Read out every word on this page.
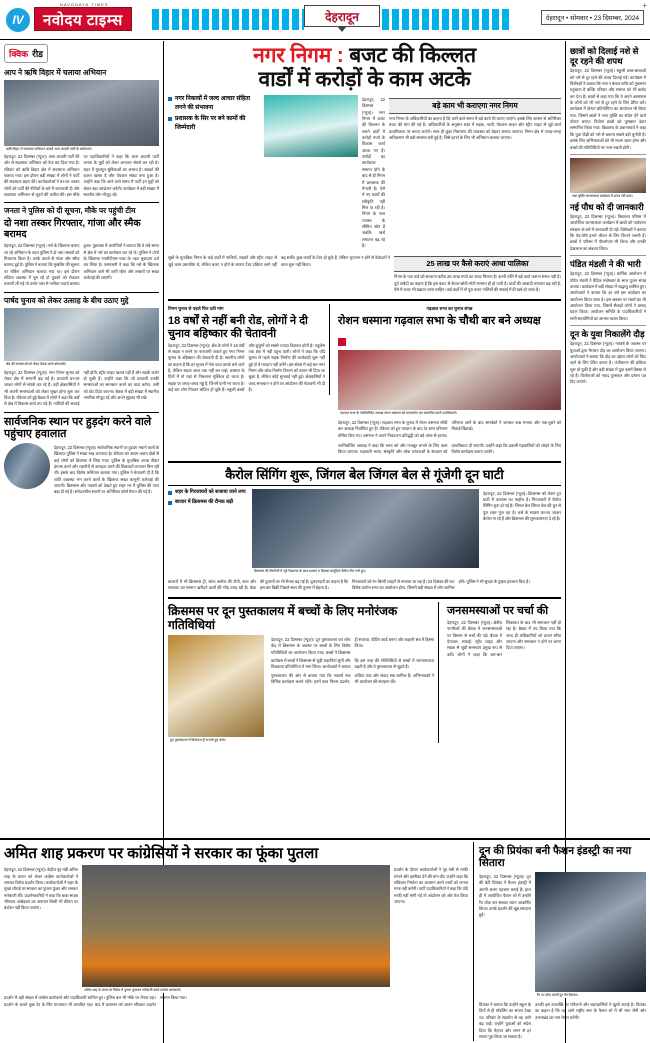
IV
NAVODAYA TIMES
नवोदय टाइम्स	देहरादून	देहरादून • सोमवार • 23 दिसम्बर, 2024
+
क्विक रीड
आप ने ऋषि विहार में चलाया अभियान
ऋषि विहार में सदस्यता अभियान चलाते आम आदमी पार्टी के कार्यकर्ता।
देहरादून, 22 दिसम्बर (न्यूज)। आम आदमी पार्टी की ओर से सदस्यता अभियान को तेज कर दिया गया है। रविवार को ऋषि विहार क्षेत्र में सदस्यता अभियान चलाया गया। इस दौरान बड़ी संख्या में लोगों ने पार्टी की सदस्यता ग्रहण की। कार्यकर्ताओं ने घर-घर जाकर लोगों को पार्टी की नीतियों के बारे में जानकारी दी और सदस्यता अभियान से जुड़ने की अपील की। इस मौके पर पदाधिकारियों ने कहा कि आम आदमी पार्टी जनता के मुद्दों को लेकर लगातार संघर्ष कर रही है। शहर में मूलभूत सुविधाओं का अभाव है। सड़कों की हालत खस्ता है और पेयजल संकट बना हुआ है। उन्होंने कहा कि आने वाले समय में पार्टी इन मुद्दों को लेकर बड़ा आंदोलन करेगी। कार्यक्रम में बड़ी संख्या में स्थानीय लोग मौजूद रहे।
जनता ने पुलिस को दी सूचना, मौके पर पहुंची टीम
दो नशा तस्कर गिरफ्तार, गांजा और स्मैक बरामद
देहरादून, 22 दिसम्बर (न्यूज)। नशे के खिलाफ चलाए जा रहे अभियान के तहत पुलिस ने दो नशा तस्करों को गिरफ्तार किया है। उनके कब्जे से गांजा और स्मैक बरामद हुई है। पुलिस ने बताया कि मुखबिर की सूचना पर चेकिंग अभियान चलाया गया था। इस दौरान संदिग्ध अवस्था में घूम रहे दो युवकों को रोककर तलाशी ली गई तो उनके पास से नशीला पदार्थ बरामद हुआ। पूछताछ में आरोपियों ने बताया कि वे लंबे समय से क्षेत्र में नशे का कारोबार कर रहे थे। पुलिस ने दोनों के खिलाफ एनडीपीएस एक्ट के तहत मुकदमा दर्ज कर लिया है। एसएसपी ने कहा कि नशे के खिलाफ अभियान आगे भी जारी रहेगा और तस्करों पर सख्त कार्रवाई की जाएगी।
पार्षद चुनाव को लेकर उत्साह के बीच उठाए मुद्दे
क्षेत्र की समस्याओं को लेकर बैठक करते क्षेत्रवासी।
देहरादून, 22 दिसम्बर (न्यूज)। नगर निगम चुनाव को लेकर क्षेत्र में सरगर्मी बढ़ गई है। प्रत्याशी घर-घर जाकर लोगों से संपर्क कर रहे हैं। वहीं क्षेत्रवासियों ने भी अपनी समस्याओं को लेकर मुखर होना शुरू कर दिया है। रविवार को हुई बैठक में लोगों ने कहा कि वर्षों से क्षेत्र में विकास कार्य ठप पड़े हैं। नालियों की सफाई नहीं होती, स्ट्रीट लाइट खराब पड़ी हैं और सड़कें जर्जर हो चुकी हैं। उन्होंने कहा कि जो प्रत्याशी उनकी समस्याओं का समाधान करने का वादा करेगा, उसी को वोट दिया जाएगा। बैठक में बड़ी संख्या में स्थानीय नागरिक मौजूद रहे और अपने सुझाव भी रखे।
सार्वजनिक स्थान पर हुड़दंग करने वाले पहुंचाए हवालात
देहरादून, 22 दिसम्बर (न्यूज)। सार्वजनिक स्थानों पर हुड़दंग मचाने वालों के खिलाफ पुलिस ने सख्त रुख अपनाया है। रविवार को अलग-अलग क्षेत्रों से कई लोगों को हिरासत में लिया गया। पुलिस के मुताबिक शराब पीकर हंगामा करने और राहगीरों से अभद्रता करने की शिकायतें लगातार मिल रही थीं। इसके बाद विशेष अभियान चलाया गया। पुलिस ने चेतावनी दी है कि शांति व्यवस्था भंग करने वालों के खिलाफ सख्त कानूनी कार्रवाई की जाएगी। क्रिसमस और नववर्ष को देखते हुए शहर भर में पुलिस की गश्त बढ़ा दी गई है। संवेदनशील स्थानों पर अतिरिक्त फोर्स तैनात की गई है।
नगर निगम : बजट की किल्लत
वार्डों में करोड़ों के काम अटके
नगर निकायों में जल्द आचार संहिता लगने की संभावना
प्रशासक के सिर पर बने कामों की जिम्मेदारी
देहरादून, 22 दिसम्बर (न्यूज)। नगर निगम में बजट की किल्लत के चलते वार्डों में करोड़ों रुपये के विकास कार्य अटक गए हैं। पार्षदों का कार्यकाल समाप्त होने के बाद से ही निगम में प्रशासक की तैनाती है। ऐसे में नए कार्यों की स्वीकृति नहीं मिल पा रही है। निगम के पास राजस्व के सीमित स्रोत हैं जबकि खर्चे लगातार बढ़ रहे हैं।
बड़े काम भी कराएगा नगर निगम
नगर निगम के अधिकारियों का कहना है कि आने वाले समय में बड़े कार्य भी कराए जाएंगे। इसके लिए शासन से अतिरिक्त बजट की मांग की गई है। अधिकारियों के अनुसार शहर में सड़क, नाली, पेयजल लाइन और स्ट्रीट लाइट से जुड़े कार्य प्राथमिकता पर कराए जाएंगे। साथ ही कूड़ा निस्तारण की व्यवस्था को बेहतर बनाया जाएगा। निगम क्षेत्र में जगह-जगह अतिक्रमण भी बड़ी समस्या बनी हुई है, जिसे हटाने के लिए भी अभियान चलाया जाएगा।
सूत्रों के मुताबिक निगम के कई वार्डों में नालियों, सड़कों और स्ट्रीट लाइट से जुड़े काम प्रस्तावित थे, लेकिन बजट न होने के कारण टेंडर प्रक्रिया आगे नहीं बढ़ सकी। कुछ कार्यों के टेंडर हो चुके हैं, लेकिन भुगतान न होने से ठेकेदारों ने काम शुरू नहीं किया।	25 लाख पर कैसे कराएं आधा पालिका
निगम के एक वार्ड को सालाना करीब 25 लाख रुपये का बजट मिलता है। इतनी राशि में बड़े कार्य कराना संभव नहीं है। पूर्व पार्षदों का कहना है कि इस बजट से केवल छोटी-मोटी मरम्मत ही हो पाती है। वार्डों की आबादी लगातार बढ़ रही है, ऐसे में बजट भी बढ़ाया जाना चाहिए। कई वार्डों में तो पूरा बजट नालियों की सफाई में ही खर्च हो जाता है।
निगम चुनाव से पहले फिर उठी मांग
18 वर्षों से नहीं बनी रोड, लोगों ने दी चुनाव बहिष्कार की चेतावनी
देहरादून, 22 दिसम्बर (न्यूज)। क्षेत्र के लोगों ने 18 वर्षों से सड़क न बनने पर नाराजगी जताते हुए नगर निगम चुनाव के बहिष्कार की चेतावनी दी है। स्थानीय लोगों का कहना है कि हर चुनाव में नेता वादा करके चले जाते हैं, लेकिन सड़क आज तक नहीं बन पाई। बरसात के दिनों में तो यहां से निकलना मुश्किल हो जाता है। सड़क पर जगह-जगह गड्ढे हैं, जिनमें पानी भर जाता है। कई बार लोग गिरकर चोटिल हो चुके हैं। स्कूली बच्चों और बुजुर्गों को सबसे ज्यादा दिक्कत होती है। एंबुलेंस तक क्षेत्र में नहीं पहुंच पाती। लोगों ने कहा कि यदि चुनाव से पहले सड़क निर्माण की कार्यवाही शुरू नहीं हुई तो वे मतदान नहीं करेंगे। इस संबंध में कई बार नगर निगम और लोक निर्माण विभाग को ज्ञापन भी दिया जा चुका है, लेकिन कोई सुनवाई नहीं हुई। क्षेत्रवासियों ने जल्द समाधान न होने पर आंदोलन की चेतावनी भी दी है।
गढ़वाल सभा का चुनाव संपन्न
रोशन धस्माना गढ़वाल सभा के चौथी बार बने अध्यक्ष

गढ़वाल सभा के नवनिर्वाचित अध्यक्ष रोशन धस्माना को माल्यार्पण कर सम्मानित करते पदाधिकारी।
देहरादून, 22 दिसम्बर (न्यूज)। गढ़वाल सभा के चुनाव में रोशन धस्माना चौथी बार अध्यक्ष निर्वाचित हुए हैं। रविवार को हुए मतदान के बाद देर शाम परिणाम घोषित किए गए। धस्माना ने अपने निकटतम प्रतिद्वंद्वी को बड़े अंतर से हराया। परिणाम आने के बाद समर्थकों ने जमकर जश्न मनाया और एक-दूसरे को मिठाई खिलाई।
नवनिर्वाचित अध्यक्ष ने कहा कि सभा को और मजबूत बनाने के लिए काम किया जाएगा। गढ़वाली भाषा, संस्कृति और लोक परंपराओं के संरक्षण को प्राथमिकता दी जाएगी। उन्होंने कहा कि प्रवासी गढ़वालियों को जोड़ने के लिए विशेष कार्यक्रम चलाए जाएंगे।
कैरोल सिंगिंग शुरू, जिंगल बेल जिंगल बेल से गूंजेगी दून घाटी
शहर के गिरजाघरों को सजाया जाने लगा
बाजार में क्रिसमस की रौनक बढ़ी
क्रिसमस की तैयारियों में जुटे विद्यालय के छात्र-छात्राएं व शिक्षक सामूहिक कैरोल गीत गाते हुए।
देहरादून, 22 दिसम्बर (न्यूज)। क्रिसमस को लेकर दून घाटी में उल्लास का माहौल है। गिरजाघरों में कैरोल सिंगिंग शुरू हो गई है। जिंगल बेल जिंगल बेल की धुन से पूरा शहर गूंज रहा है। चर्च के सदस्य घर-घर जाकर कैरोल गा रहे हैं और क्रिसमस की शुभकामनाएं दे रहे हैं।
बाजारों में भी क्रिसमस ट्री, सांता क्लॉज की टोपी, स्टार और सजावट का सामान खरीदने वालों की भीड़ उमड़ रही है। केक की दुकानों पर भी रौनक बढ़ गई है। दुकानदारों का कहना है कि इस बार बिक्री पिछले साल की तुलना में बेहतर है।
गिरजाघरों को रंग-बिरंगी लाइटों से सजाया जा रहा है। 24 दिसंबर की रात विशेष प्रार्थना सभा का आयोजन होगा, जिसमें बड़ी संख्या में लोग शामिल होंगे। पुलिस ने भी सुरक्षा के पुख्ता इंतजाम किए हैं।
क्रिसमस पर दून पुस्तकालय में बच्चों के लिए मनोरंजक गतिविधियां
दून पुस्तकालय में क्रिसमस ट्री सजाते हुए बच्चे।
देहरादून, 22 दिसम्बर (न्यूज)। दून पुस्तकालय एवं शोध केंद्र में क्रिसमस के अवसर पर बच्चों के लिए विशेष गतिविधियों का आयोजन किया गया। बच्चों ने क्रिसमस ट्री सजाया, ग्रीटिंग कार्ड बनाए और कहानी सत्र में हिस्सा लिया।
कार्यक्रम में बच्चों ने क्रिसमस से जुड़ी कहानियां सुनीं और चित्रकला प्रतियोगिता में भाग लिया। आयोजकों ने बताया कि इस तरह की गतिविधियों से बच्चों में रचनात्मकता बढ़ती है और वे पुस्तकालय से जुड़ते हैं।
पुस्तकालय की ओर से बताया गया कि नववर्ष तक विभिन्न कार्यक्रम चलते रहेंगे। इनमें बाल फिल्म प्रदर्शन, कविता पाठ और संवाद सत्र शामिल हैं। अभिभावकों ने भी आयोजन की सराहना की।
जनसमस्याओं पर चर्चा की
देहरादून, 22 दिसम्बर (न्यूज)। क्षेत्रीय नागरिकों की बैठक में जनसमस्याओं पर विस्तार से चर्चा की गई। बैठक में पेयजल, सफाई, स्ट्रीट लाइट और सड़क से जुड़ी समस्याएं प्रमुख रूप से उठीं। लोगों ने कहा कि बार-बार शिकायत के बाद भी समाधान नहीं हो रहा है। बैठक में तय किया गया कि जल्द ही अधिकारियों को ज्ञापन सौंपा जाएगा और समाधान न होने पर धरना दिया जाएगा।
छात्रों को दिलाई नशे से दूर रहने की शपथ
देहरादून, 22 दिसम्बर (न्यूज)। स्कूली छात्र-छात्राओं को नशे से दूर रहने की शपथ दिलाई गई। कार्यक्रम में विशेषज्ञों ने बताया कि नशा न केवल शरीर को नुकसान पहुंचाता है बल्कि परिवार और समाज को भी बर्बाद कर देता है। छात्रों से कहा गया कि वे अपने आसपास के लोगों को भी नशे से दूर रहने के लिए प्रेरित करें। कार्यक्रम में पोस्टर प्रतियोगिता का आयोजन भी किया गया, जिसमें छात्रों ने नशा मुक्ति का संदेश देने वाले पोस्टर बनाए। विजेता छात्रों को पुरस्कार देकर सम्मानित किया गया। विद्यालय के प्रधानाचार्य ने कहा कि युवा पीढ़ी को नशे से बचाना सबसे बड़ी चुनौती है। इसके लिए अभिभावकों को भी सजग रहना होगा और बच्चों की गतिविधियों पर नजर रखनी होगी।
नशा मुक्ति जागरूकता कार्यक्रम में शपथ लेते छात्र।
नई पौध को दी जानकारी
देहरादून, 22 दिसम्बर (न्यूज)। विद्यालय परिसर में आयोजित जागरूकता कार्यक्रम में छात्रों को पर्यावरण संरक्षण के बारे में जानकारी दी गई। विशेषज्ञों ने बताया कि पेड़-पौधे हमारे जीवन के लिए कितने जरूरी हैं। छात्रों ने परिसर में पौधरोपण भी किया और उनकी देखभाल का संकल्प लिया।
पंडित मंडली ने की भारी
देहरादून, 22 दिसम्बर (न्यूज)। धार्मिक आयोजन में पंडित मंडली ने वैदिक मंत्रोच्चार के साथ पूजन संपन्न कराया। कार्यक्रम में बड़ी संख्या में श्रद्धालु शामिल हुए। आयोजकों ने बताया कि हर वर्ष इस कार्यक्रम का आयोजन किया जाता है। इस अवसर पर भंडारे का भी आयोजन किया गया, जिसमें सैकड़ों लोगों ने प्रसाद ग्रहण किया। आयोजन समिति के पदाधिकारियों ने सभी सहयोगियों का आभार व्यक्त किया।
दून के युवा निकालेंगे दौड़
देहरादून, 22 दिसम्बर (न्यूज)। नववर्ष के अवसर पर युवाओं द्वारा मैराथन दौड़ का आयोजन किया जाएगा। आयोजकों ने बताया कि दौड़ का उद्देश्य लोगों को फिट रहने के लिए प्रेरित करना है। पंजीकरण की प्रक्रिया शुरू हो चुकी है और बड़ी संख्या में युवा इसमें हिस्सा ले रहे हैं। विजेताओं को नकद पुरस्कार और प्रमाण पत्र दिए जाएंगे।
अमित शाह प्रकरण पर कांग्रेसियों ने सरकार का फूंका पुतला
देहरादून, 22 दिसम्बर (न्यूज)। केंद्रीय गृह मंत्री अमित शाह के बयान को लेकर कांग्रेस कार्यकर्ताओं ने जमकर विरोध प्रदर्शन किया। कार्यकर्ताओं ने शहर के मुख्य चौराहे पर सरकार का पुतला फूंका और जमकर नारेबाजी की। प्रदर्शनकारियों ने कहा कि बाबा साहब भीमराव आंबेडकर का अपमान किसी भी कीमत पर बर्दाश्त नहीं किया जाएगा।
अमित शाह के बयान के विरोध में पुतला फूंककर नारेबाजी करते कांग्रेस कार्यकर्ता।
प्रदर्शन के दौरान कार्यकर्ताओं ने गृह मंत्री से माफी मांगने और इस्तीफा देने की मांग की। उन्होंने कहा कि संविधान निर्माता का अपमान करने वालों को जनता माफ नहीं करेगी। पार्टी पदाधिकारियों ने कहा कि यदि माफी नहीं मांगी गई तो आंदोलन को और तेज किया जाएगा।
प्रदर्शन में बड़ी संख्या में कांग्रेस कार्यकर्ता और पदाधिकारी शामिल हुए। पुलिस बल भी मौके पर तैनात रहा। प्रदर्शन के चलते कुछ देर के लिए यातायात भी प्रभावित रहा। बाद में प्रशासन को ज्ञापन सौंपकर प्रदर्शन समाप्त किया गया।
दून की प्रियंका बनी फैशन इंडस्ट्री का नया सितारा
देहरादून, 22 दिसम्बर (न्यूज)। दून की बेटी प्रियंका ने फैशन इंडस्ट्री में अपनी अलग पहचान बनाई है। हाल ही में आयोजित फैशन शो में उन्होंने रैंप वॉक कर सबका ध्यान आकर्षित किया। उनके प्रदर्शन की खूब सराहना हुई।
रैंप पर वॉक करतीं दून की प्रियंका।
प्रियंका ने बताया कि उन्होंने स्कूल के दिनों से ही मॉडलिंग का सपना देखा था। परिवार के सहयोग से वह आगे बढ़ पाईं। उन्होंने युवाओं को संदेश दिया कि मेहनत और लगन से हर सपना पूरा किया जा सकता है।
उनकी इस उपलब्धि पर परिजनों और शहरवासियों ने खुशी जताई है। प्रियंका का कहना है कि वह आगे राष्ट्रीय स्तर के फैशन शो में भी भाग लेंगी और उत्तराखंड का नाम रोशन करेंगी।
